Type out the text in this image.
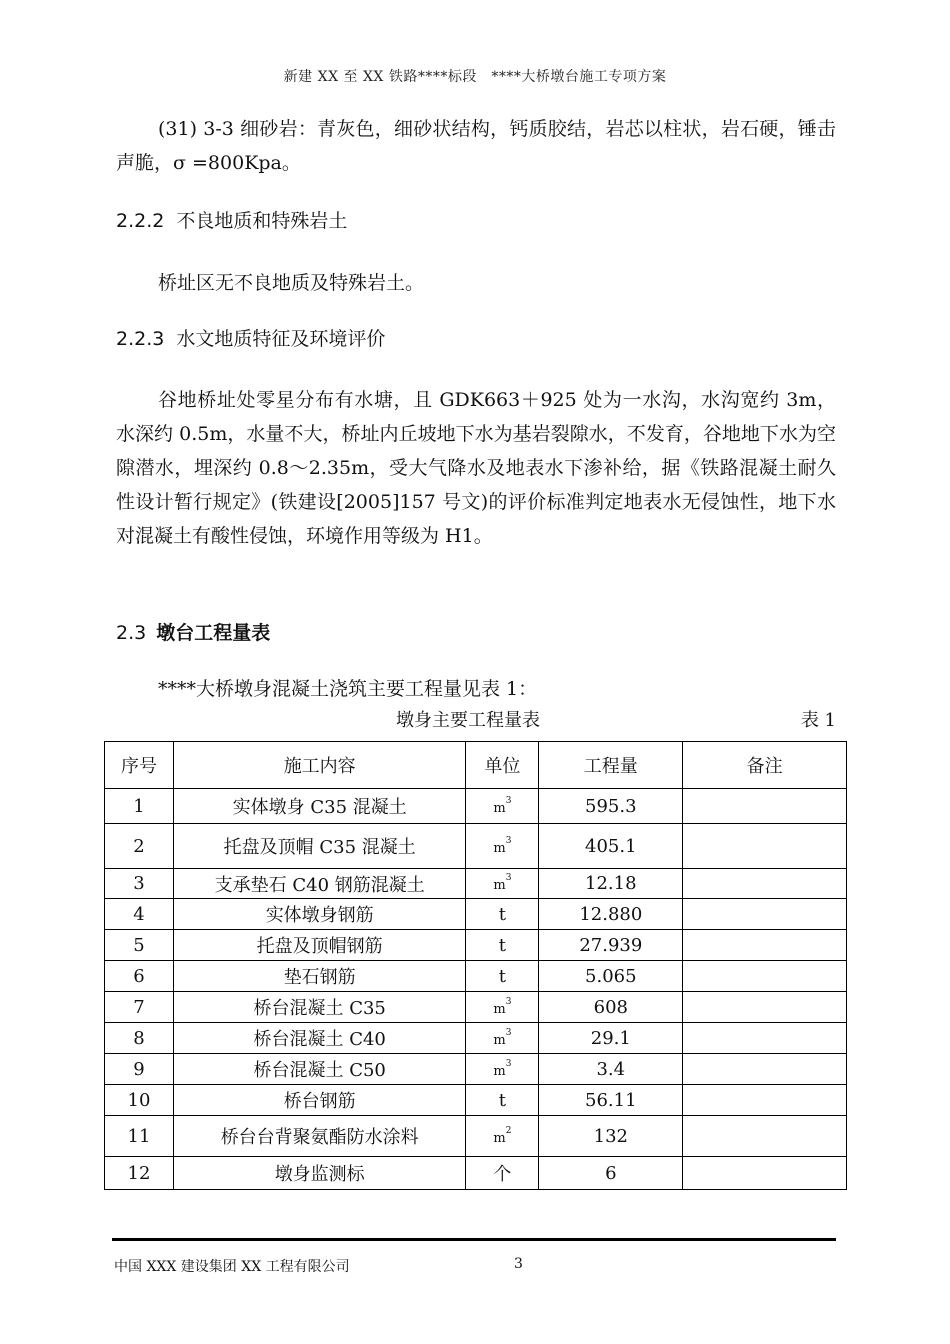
新建 XX 至 XX 铁路****标段　****大桥墩台施工专项方案
(31) 3-3 细砂岩：青灰色，细砂状结构，钙质胶结，岩芯以柱状，岩石硬，锤击声脆，σ =800Kpa。
2.2.2 不良地质和特殊岩土
桥址区无不良地质及特殊岩土。
2.2.3 水文地质特征及环境评价
谷地桥址处零星分布有水塘，且 GDK663＋925 处为一水沟，水沟宽约 3m，水深约 0.5m，水量不大，桥址内丘坡地下水为基岩裂隙水，不发育，谷地地下水为空隙潜水，埋深约 0.8～2.35m，受大气降水及地表水下渗补给，据《铁路混凝土耐久性设计暂行规定》(铁建设[2005]157 号文)的评价标准判定地表水无侵蚀性，地下水对混凝土有酸性侵蚀，环境作用等级为 H1。
2.3 墩台工程量表
****大桥墩身混凝土浇筑主要工程量见表 1：
墩身主要工程量表	表 1
序号	施工内容	单位	工程量	备注
1	实体墩身 C35 混凝土	$m^3$	595.3	
2	托盘及顶帽 C35 混凝土	$m^3$	405.1	
3	支承垫石 C40 钢筋混凝土	$m^3$	12.18	
4	实体墩身钢筋	t	12.880	
5	托盘及顶帽钢筋	t	27.939	
6	垫石钢筋	t	5.065	
7	桥台混凝土 C35	$m^3$	608	
8	桥台混凝土 C40	$m^3$	29.1	
9	桥台混凝土 C50	$m^3$	3.4	
10	桥台钢筋	t	56.11	
11	桥台台背聚氨酯防水涂料	$m^2$	132	
12	墩身监测标	个	6	
中国 XXX 建设集团 XX 工程有限公司	3
